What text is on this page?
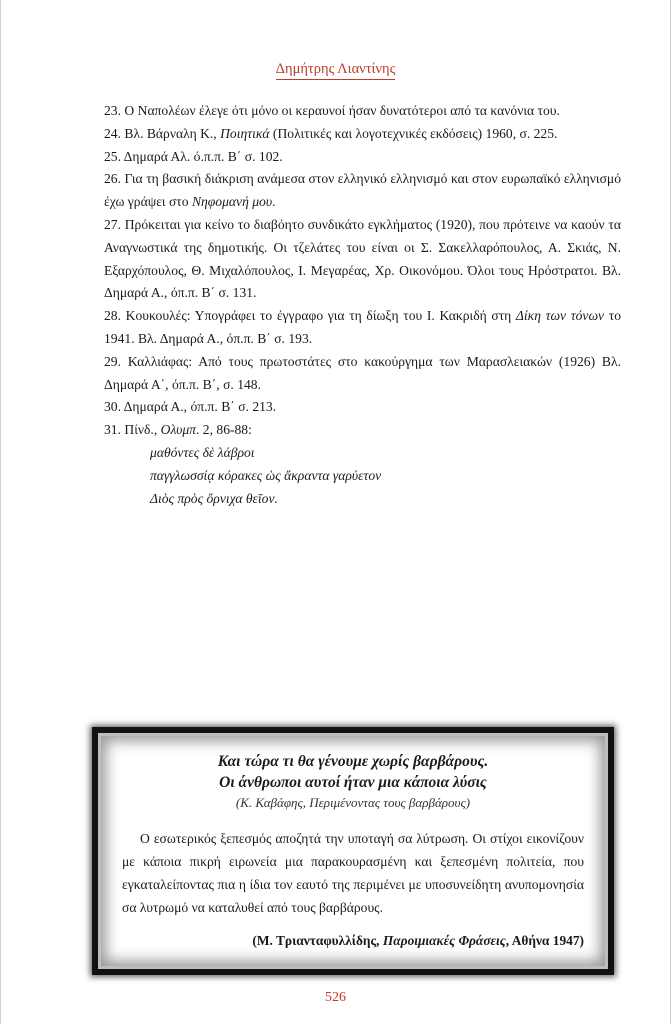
Δημήτρης Λιαντίνης

23. Ο Ναπολέων έλεγε ότι μόνο οι κεραυνοί ήσαν δυνατότεροι από τα κανόνια του.

24. Βλ. Βάρναλη Κ., Ποιητικά (Πολιτικές και λογοτεχνικές εκδόσεις) 1960, σ. 225.

25. Δημαρά Αλ. ό.π.π. Β΄ σ. 102.

26. Για τη βασική διάκριση ανάμεσα στον ελληνικό ελληνισμό και στον ευρωπαϊκό ελληνισμό έχω γράψει στο Νηφομανή μου.

27. Πρόκειται για κείνο το διαβόητο συνδικάτο εγκλήματος (1920), που πρότεινε να καούν τα Αναγνωστικά της δημοτικής. Οι τζελάτες του είναι οι Σ. Σακελλαρόπουλος, Α. Σκιάς, Ν. Εξαρχόπουλος, Θ. Μιχαλόπουλος, Ι. Μεγαρέας, Χρ. Οικονόμου. Όλοι τους Ηρόστρατοι. Βλ. Δημαρά Α., όπ.π. Β΄ σ. 131.

28. Κουκουλές: Υπογράφει το έγγραφο για τη δίωξη του Ι. Κακριδή στη Δίκη των τόνων το 1941. Βλ. Δημαρά Α., όπ.π. Β΄ σ. 193.

29. Καλλιάφας: Από τους πρωτοστάτες στο κακούργημα των Μαρασλειακών (1926) Βλ. Δημαρά Α΄, όπ.π. Β΄, σ. 148.

30. Δημαρά Α., όπ.π. Β΄ σ. 213.

31. Πίνδ., Ολυμπ. 2, 86-88:

μαθόντες δὲ λάβροι

παγγλωσσίᾳ κόρακες ὡς ἄκραντα γαρύετον

Διὸς πρὸς ὄρνιχα θεῖον.

Και τώρα τι θα γένουμε χωρίς βαρβάρους.

Οι άνθρωποι αυτοί ήταν μια κάποια λύσις

(Κ. Καβάφης, Περιμένοντας τους βαρβάρους)

Ο εσωτερικός ξεπεσμός αποζητά την υποταγή σα λύτρωση. Οι στίχοι εικονίζουν με κάποια πικρή ειρωνεία μια παρακουρασμένη και ξεπεσμένη πολιτεία, που εγκαταλείποντας πια η ίδια τον εαυτό της περιμένει με υποσυνείδητη ανυπομονησία σα λυτρωμό να καταλυθεί από τους βαρβάρους.

(Μ. Τριανταφυλλίδης, Παροιμιακές Φράσεις, Αθήνα 1947)

526
